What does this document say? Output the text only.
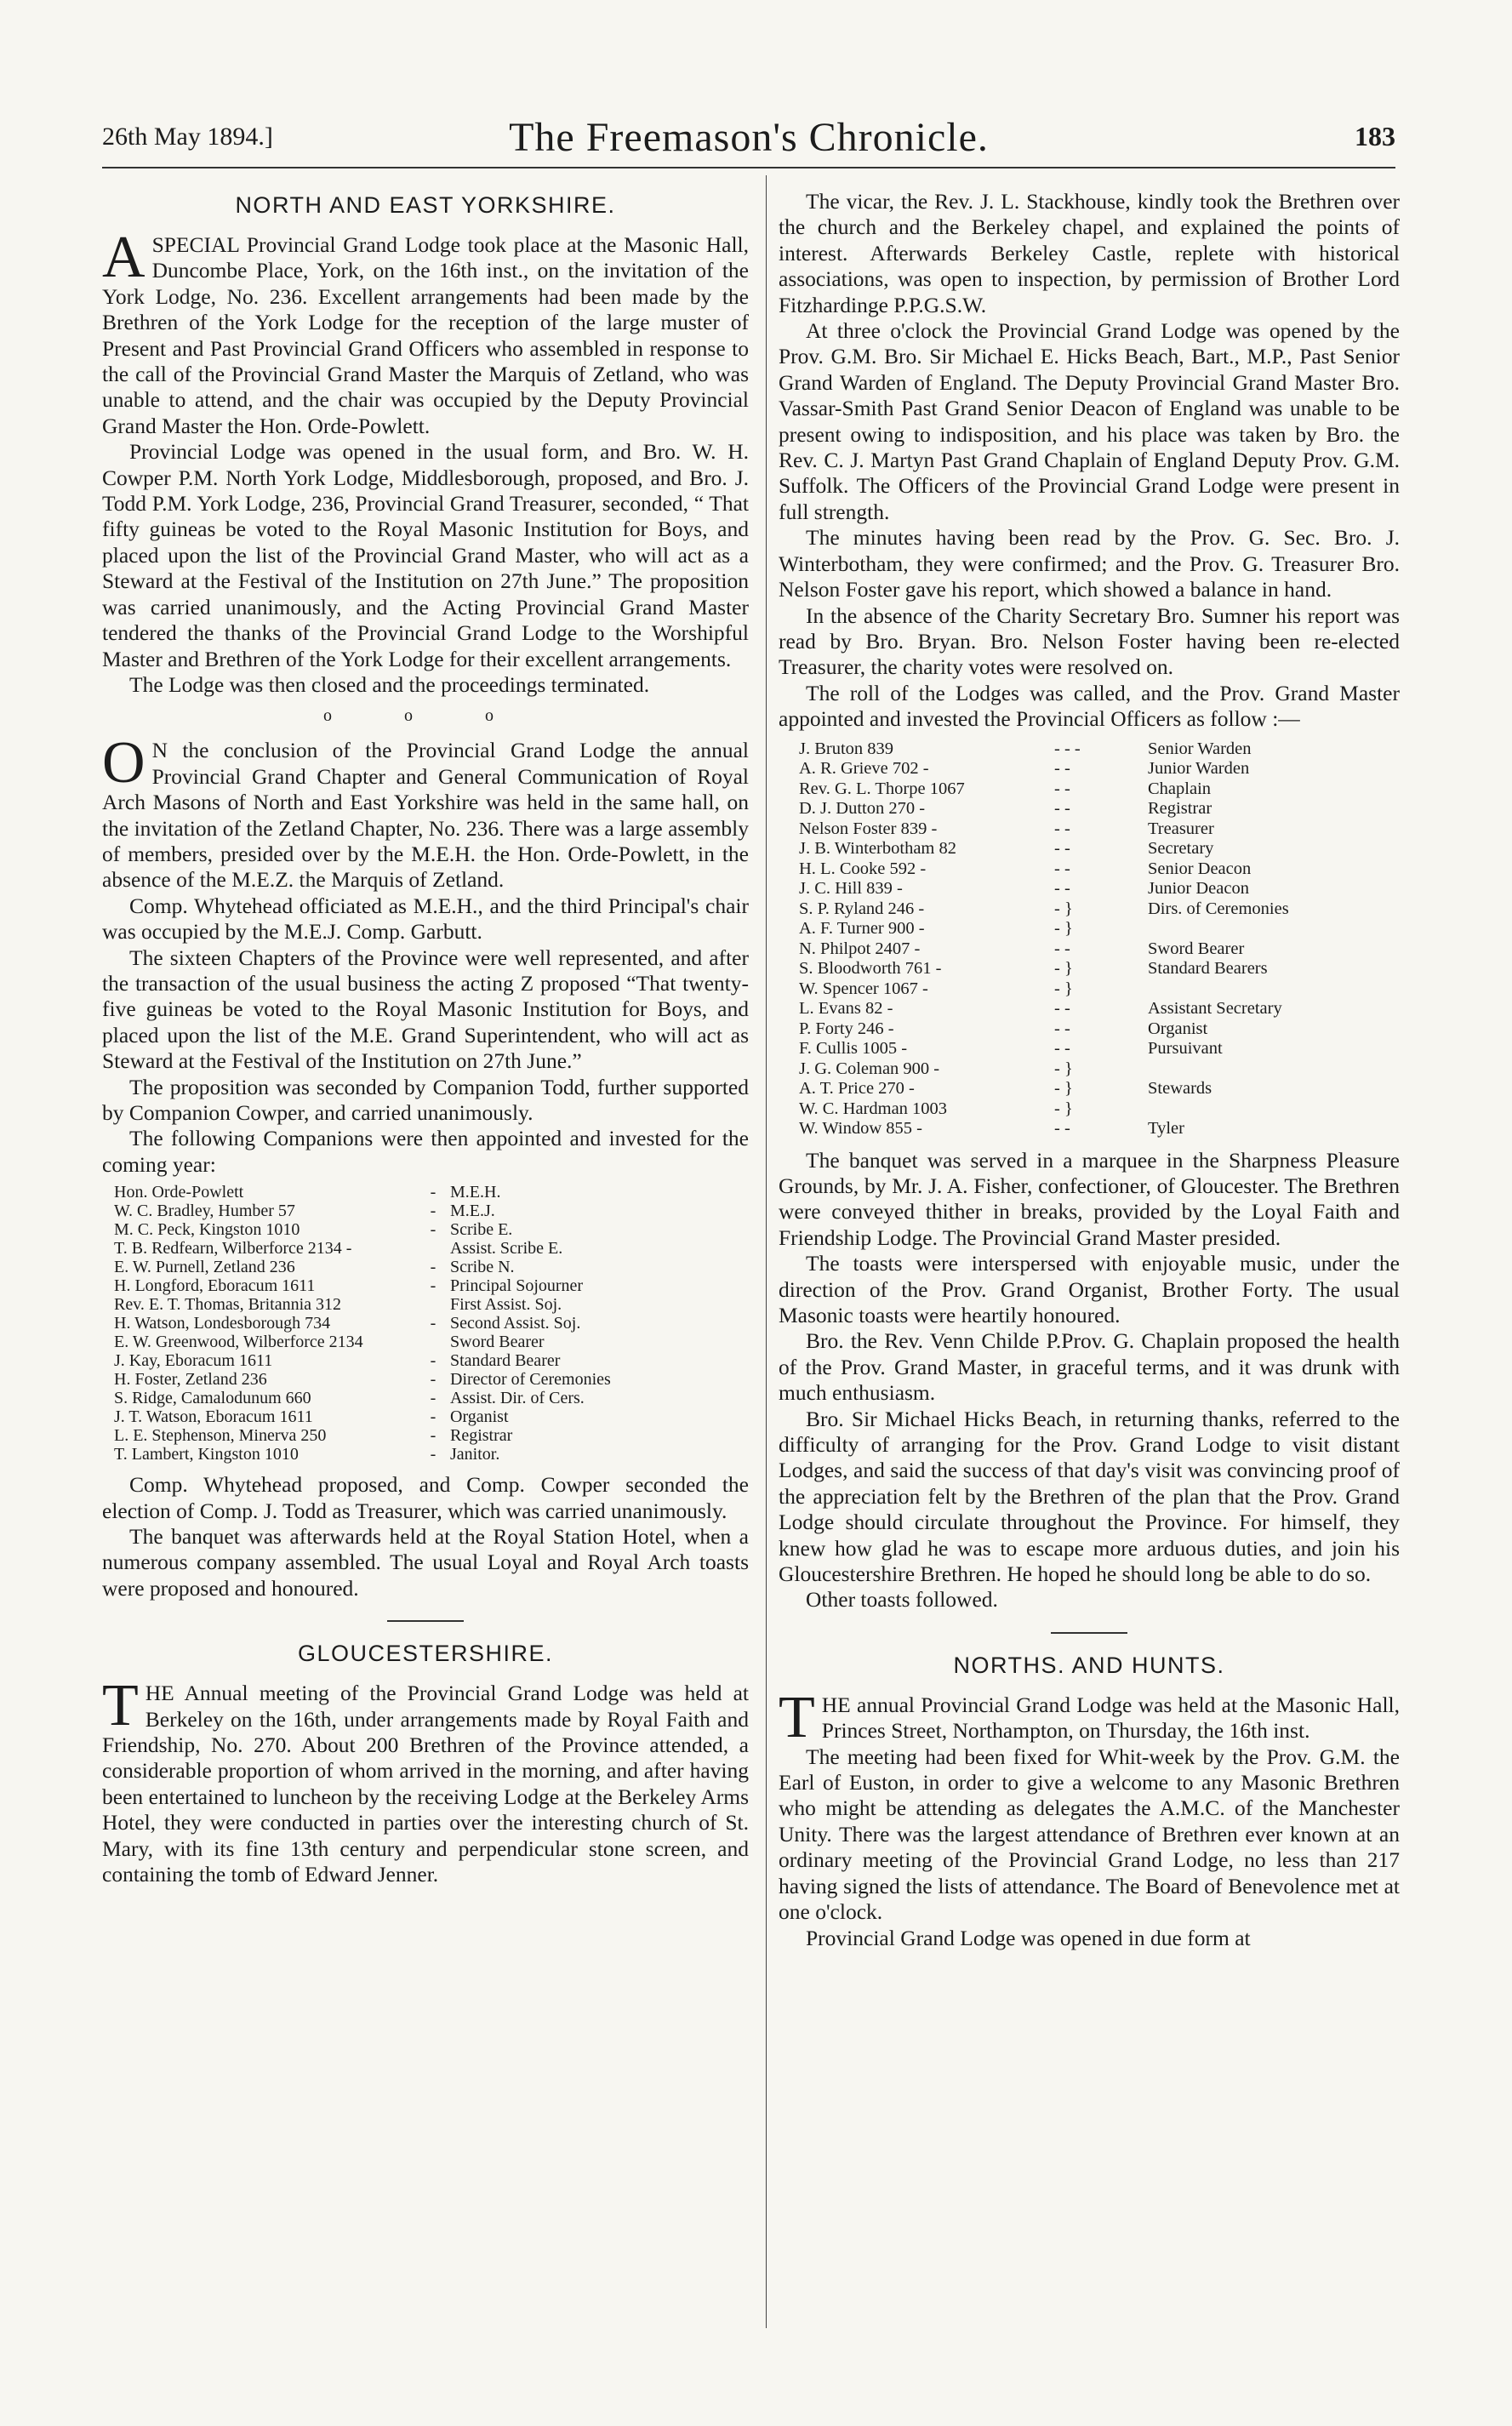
26th May 1894.]	The Freemason's Chronicle.	183
NORTH AND EAST YORKSHIRE.

ASPECIAL Provincial Grand Lodge took place at the Masonic Hall, Duncombe Place, York, on the 16th inst., on the invitation of the York Lodge, No. 236. Excellent arrangements had been made by the Brethren of the York Lodge for the reception of the large muster of Present and Past Provincial Grand Officers who assembled in response to the call of the Provincial Grand Master the Marquis of Zetland, who was unable to attend, and the chair was occupied by the Deputy Provincial Grand Master the Hon. Orde-Powlett.

Provincial Lodge was opened in the usual form, and Bro. W. H. Cowper P.M. North York Lodge, Middlesborough, proposed, and Bro. J. Todd P.M. York Lodge, 236, Provincial Grand Treasurer, seconded, “ That fifty guineas be voted to the Royal Masonic Institution for Boys, and placed upon the list of the Provincial Grand Master, who will act as a Steward at the Festival of the Institution on 27th June.” The proposition was carried unanimously, and the Acting Provincial Grand Master tendered the thanks of the Provincial Grand Lodge to the Worshipful Master and Brethren of the York Lodge for their excellent arrangements.

The Lodge was then closed and the proceedings terminated.

o o o

O N the conclusion of the Provincial Grand Lodge the annual Provincial Grand Chapter and General Communication of Royal Arch Masons of North and East Yorkshire was held in the same hall, on the invitation of the Zetland Chapter, No. 236. There was a large assembly of members, presided over by the M.E.H. the Hon. Orde-Powlett, in the absence of the M.E.Z. the Marquis of Zetland.

Comp. Whytehead officiated as M.E.H., and the third Principal's chair was occupied by the M.E.J. Comp. Garbutt.

The sixteen Chapters of the Province were well represented, and after the transaction of the usual business the acting Z proposed “That twenty-five guineas be voted to the Royal Masonic Institution for Boys, and placed upon the list of the M.E. Grand Superintendent, who will act as Steward at the Festival of the Institution on 27th June.”

The proposition was seconded by Companion Todd, further supported by Companion Cowper, and carried unanimously.

The following Companions were then appointed and invested for the coming year:

Hon. Orde-Powlett	-	M.E.H.
W. C. Bradley, Humber 57	-	M.E.J.
M. C. Peck, Kingston 1010	-	Scribe E.
T. B. Redfearn, Wilberforce 2134 -		Assist. Scribe E.
E. W. Purnell, Zetland 236	-	Scribe N.
H. Longford, Eboracum 1611	-	Principal Sojourner
Rev. E. T. Thomas, Britannia 312		First Assist. Soj.
H. Watson, Londesborough 734	-	Second Assist. Soj.
E. W. Greenwood, Wilberforce 2134		Sword Bearer
J. Kay, Eboracum 1611	-	Standard Bearer
H. Foster, Zetland 236	-	Director of Ceremonies
S. Ridge, Camalodunum 660	-	Assist. Dir. of Cers.
J. T. Watson, Eboracum 1611	-	Organist
L. E. Stephenson, Minerva 250	-	Registrar
T. Lambert, Kingston 1010	-	Janitor.

Comp. Whytehead proposed, and Comp. Cowper seconded the election of Comp. J. Todd as Treasurer, which was carried unanimously.

The banquet was afterwards held at the Royal Station Hotel, when a numerous company assembled. The usual Loyal and Royal Arch toasts were proposed and honoured.

GLOUCESTERSHIRE.

THE Annual meeting of the Provincial Grand Lodge was held at Berkeley on the 16th, under arrangements made by Royal Faith and Friendship, No. 270. About 200 Brethren of the Province attended, a considerable proportion of whom arrived in the morning, and after having been entertained to luncheon by the receiving Lodge at the Berkeley Arms Hotel, they were conducted in parties over the interesting church of St. Mary, with its fine 13th century and perpendicular stone screen, and containing the tomb of Edward Jenner.

The vicar, the Rev. J. L. Stackhouse, kindly took the Brethren over the church and the Berkeley chapel, and explained the points of interest. Afterwards Berkeley Castle, replete with historical associations, was open to inspection, by permission of Brother Lord Fitzhardinge P.P.G.S.W.

At three o'clock the Provincial Grand Lodge was opened by the Prov. G.M. Bro. Sir Michael E. Hicks Beach, Bart., M.P., Past Senior Grand Warden of England. The Deputy Provincial Grand Master Bro. Vassar-Smith Past Grand Senior Deacon of England was unable to be present owing to indisposition, and his place was taken by Bro. the Rev. C. J. Martyn Past Grand Chaplain of England Deputy Prov. G.M. Suffolk. The Officers of the Provincial Grand Lodge were present in full strength.

The minutes having been read by the Prov. G. Sec. Bro. J. Winterbotham, they were confirmed; and the Prov. G. Treasurer Bro. Nelson Foster gave his report, which showed a balance in hand.

In the absence of the Charity Secretary Bro. Sumner his report was read by Bro. Bryan. Bro. Nelson Foster having been re-elected Treasurer, the charity votes were resolved on.

The roll of the Lodges was called, and the Prov. Grand Master appointed and invested the Provincial Officers as follow :—

J. Bruton 839	- - -	Senior Warden
A. R. Grieve 702 -	- -	Junior Warden
Rev. G. L. Thorpe 1067	- -	Chaplain
D. J. Dutton 270 -	- -	Registrar
Nelson Foster 839 -	- -	Treasurer
J. B. Winterbotham 82	- -	Secretary
H. L. Cooke 592 -	- -	Senior Deacon
J. C. Hill 839 -	- -	Junior Deacon
S. P. Ryland 246 -	- }	Dirs. of Ceremonies
A. F. Turner 900 -	- }	
N. Philpot 2407 -	- -	Sword Bearer
S. Bloodworth 761 -	- }	Standard Bearers
W. Spencer 1067 -	- }	
L. Evans 82 -	- -	Assistant Secretary
P. Forty 246 -	- -	Organist
F. Cullis 1005 -	- -	Pursuivant
J. G. Coleman 900 -	- }	
A. T. Price 270 -	- }	Stewards
W. C. Hardman 1003	- }	
W. Window 855 -	- -	Tyler

The banquet was served in a marquee in the Sharpness Pleasure Grounds, by Mr. J. A. Fisher, confectioner, of Gloucester. The Brethren were conveyed thither in breaks, provided by the Loyal Faith and Friendship Lodge. The Provincial Grand Master presided.

The toasts were interspersed with enjoyable music, under the direction of the Prov. Grand Organist, Brother Forty. The usual Masonic toasts were heartily honoured.

Bro. the Rev. Venn Childe P.Prov. G. Chaplain proposed the health of the Prov. Grand Master, in graceful terms, and it was drunk with much enthusiasm.

Bro. Sir Michael Hicks Beach, in returning thanks, referred to the difficulty of arranging for the Prov. Grand Lodge to visit distant Lodges, and said the success of that day's visit was convincing proof of the appreciation felt by the Brethren of the plan that the Prov. Grand Lodge should circulate throughout the Province. For himself, they knew how glad he was to escape more arduous duties, and join his Gloucestershire Brethren. He hoped he should long be able to do so.

Other toasts followed.

NORTHS. AND HUNTS.

THE annual Provincial Grand Lodge was held at the Masonic Hall, Princes Street, Northampton, on Thursday, the 16th inst.

The meeting had been fixed for Whit-week by the Prov. G.M. the Earl of Euston, in order to give a welcome to any Masonic Brethren who might be attending as delegates the A.M.C. of the Manchester Unity. There was the largest attendance of Brethren ever known at an ordinary meeting of the Provincial Grand Lodge, no less than 217 having signed the lists of attendance. The Board of Benevolence met at one o'clock.

Provincial Grand Lodge was opened in due form at
